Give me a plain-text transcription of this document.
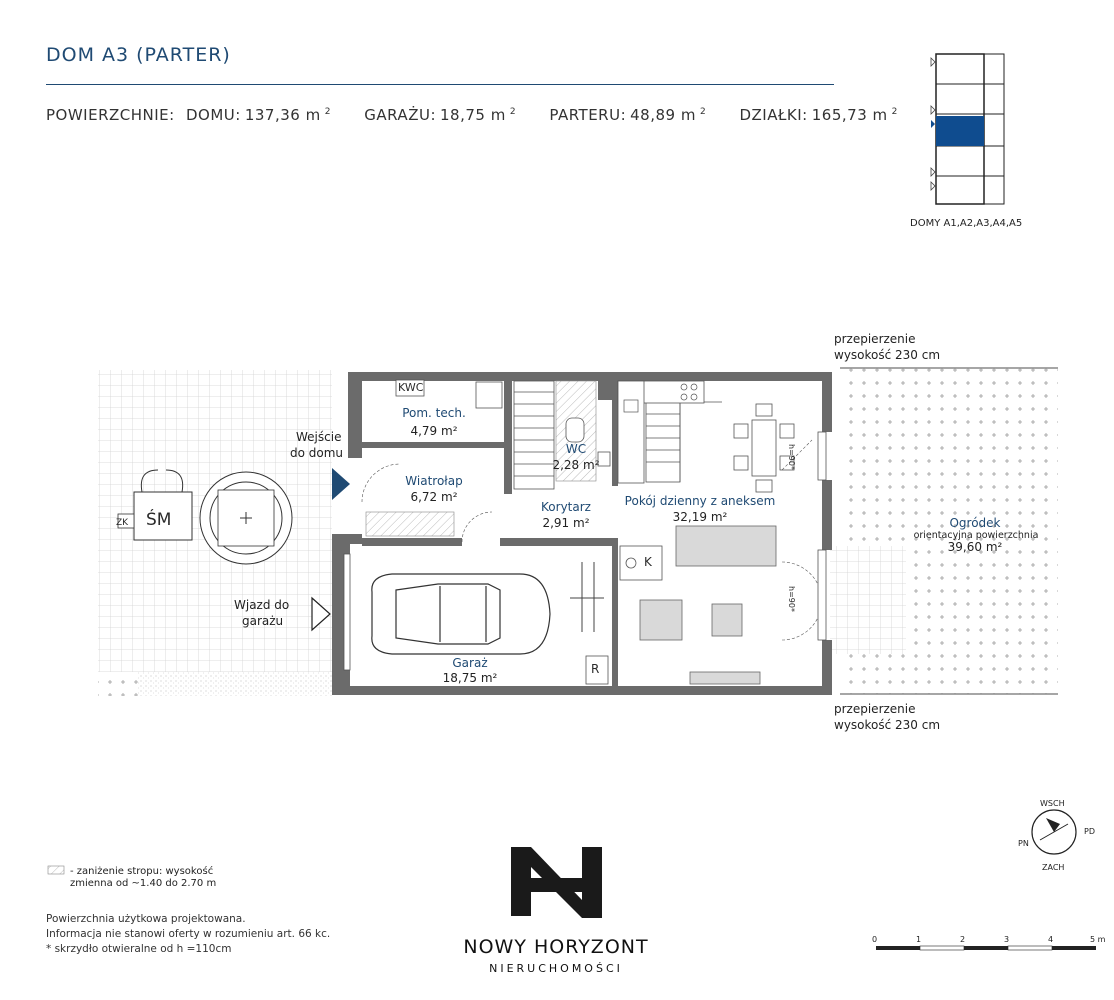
DOM A3 (PARTER)
POWIERZCHNIE: DOMU: 137,36 m $^2$ GARAŻU: 18,75 m $^2$ PARTERU: 48,89 m $^2$ DZIAŁKI: 165,73 m $^2$
DOMY A1,A2,A3,A4,A5
KWC
Pom. tech.
4,79 m²
WC
2,28 m²
Wiatrołap
6,72 m²
Korytarz
2,91 m²
Pokój dzienny z aneksem
32,19 m²
Garaż
18,75 m²
Ogródek
orientacyjna powierzchnia
39,60 m²
K
R
ŚM
ZK
h=90*
h=90*
Wejście
do domu
Wjazd do
garażu
przepierzenie
wysokość 230 cm
przepierzenie
wysokość 230 cm
WSCH
PD
ZACH
PN
- zaniżenie stropu: wysokość
zmienna od ~1.40 do 2.70 m
Powierzchnia użytkowa projektowana.
Informacja nie stanowi oferty w rozumieniu art. 66 kc.
* skrzydło otwieralne od h =110cm	NOWY HORYZONT
NIERUCHOMOŚCI
0	1	2	3	4	5 m
